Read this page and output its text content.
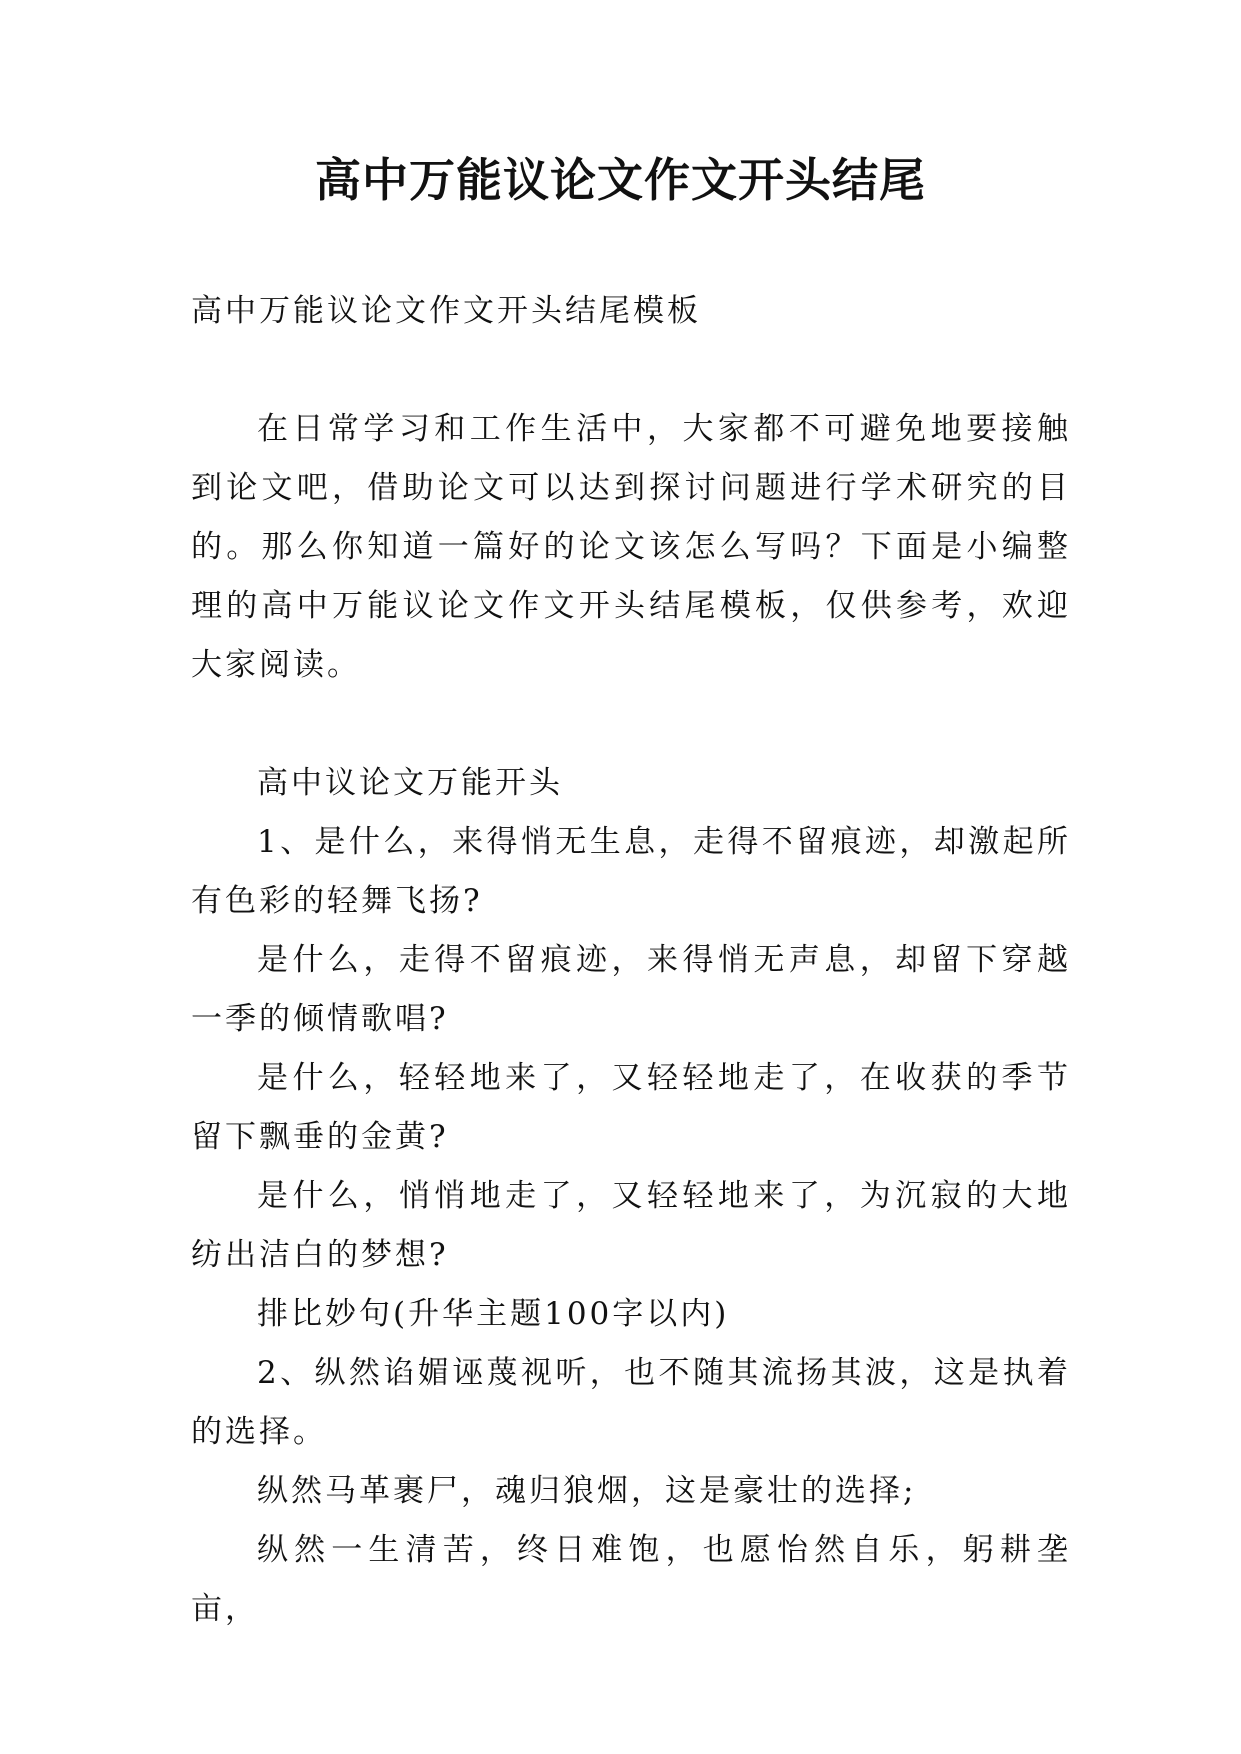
高中万能议论文作文开头结尾

高中万能议论文作文开头结尾模板

在日常学习和工作生活中，大家都不可避免地要接触到论文吧，借助论文可以达到探讨问题进行学术研究的目的。那么你知道一篇好的论文该怎么写吗？下面是小编整理的高中万能议论文作文开头结尾模板，仅供参考，欢迎大家阅读。

高中议论文万能开头

1、是什么，来得悄无生息，走得不留痕迹，却激起所有色彩的轻舞飞扬?

是什么，走得不留痕迹，来得悄无声息，却留下穿越一季的倾情歌唱?

是什么，轻轻地来了，又轻轻地走了，在收获的季节留下飘垂的金黄?

是什么，悄悄地走了，又轻轻地来了，为沉寂的大地纺出洁白的梦想?

排比妙句(升华主题100字以内)

2、纵然谄媚诬蔑视听，也不随其流扬其波，这是执着的选择。

纵然马革裹尸，魂归狼烟，这是豪壮的选择;

纵然一生清苦，终日难饱，也愿怡然自乐，躬耕垄亩，
